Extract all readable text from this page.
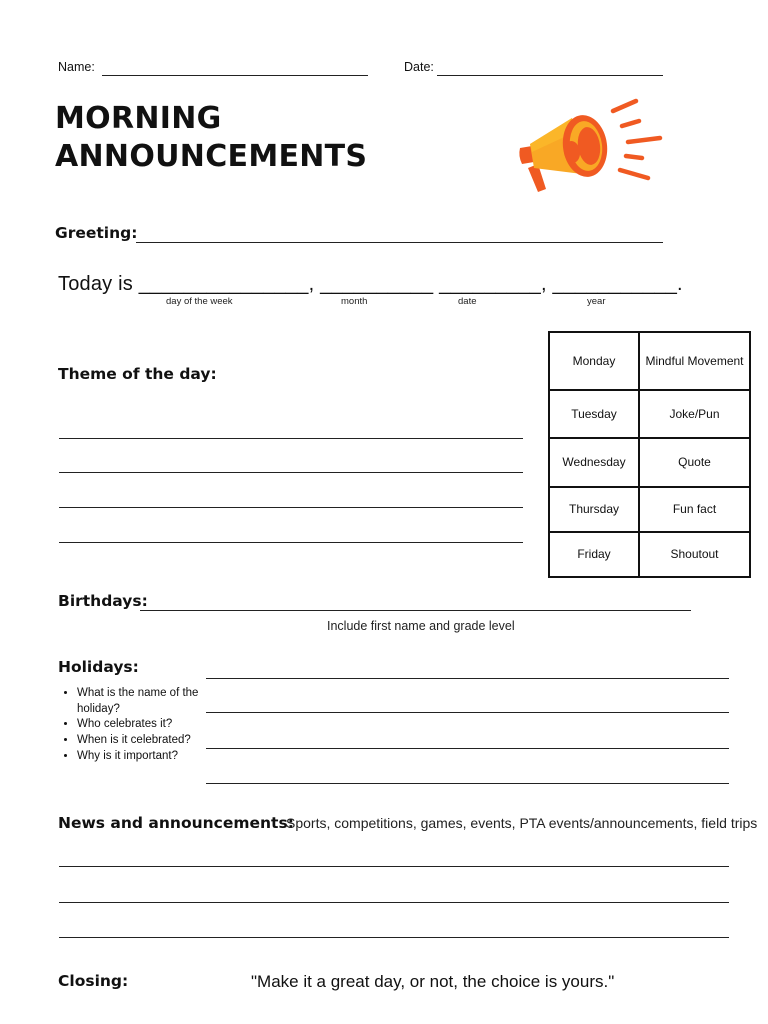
Name:	Date:
MORNING
ANNOUNCEMENTS
Greeting:
Today is _______________, __________ _________, ___________.
day of the week	month	date	year
Theme of the day:
Monday	Mindful Movement
Tuesday	Joke/Pun
Wednesday	Quote
Thursday	Fun fact
Friday	Shoutout
Birthdays:
Include first name and grade level
Holidays:
• What is the name of the holiday?
• Who celebrates it?
• When is it celebrated?
• Why is it important?
News and announcements:
Sports, competitions, games, events, PTA events/announcements, field trips
Closing:	"Make it a great day, or not, the choice is yours."
